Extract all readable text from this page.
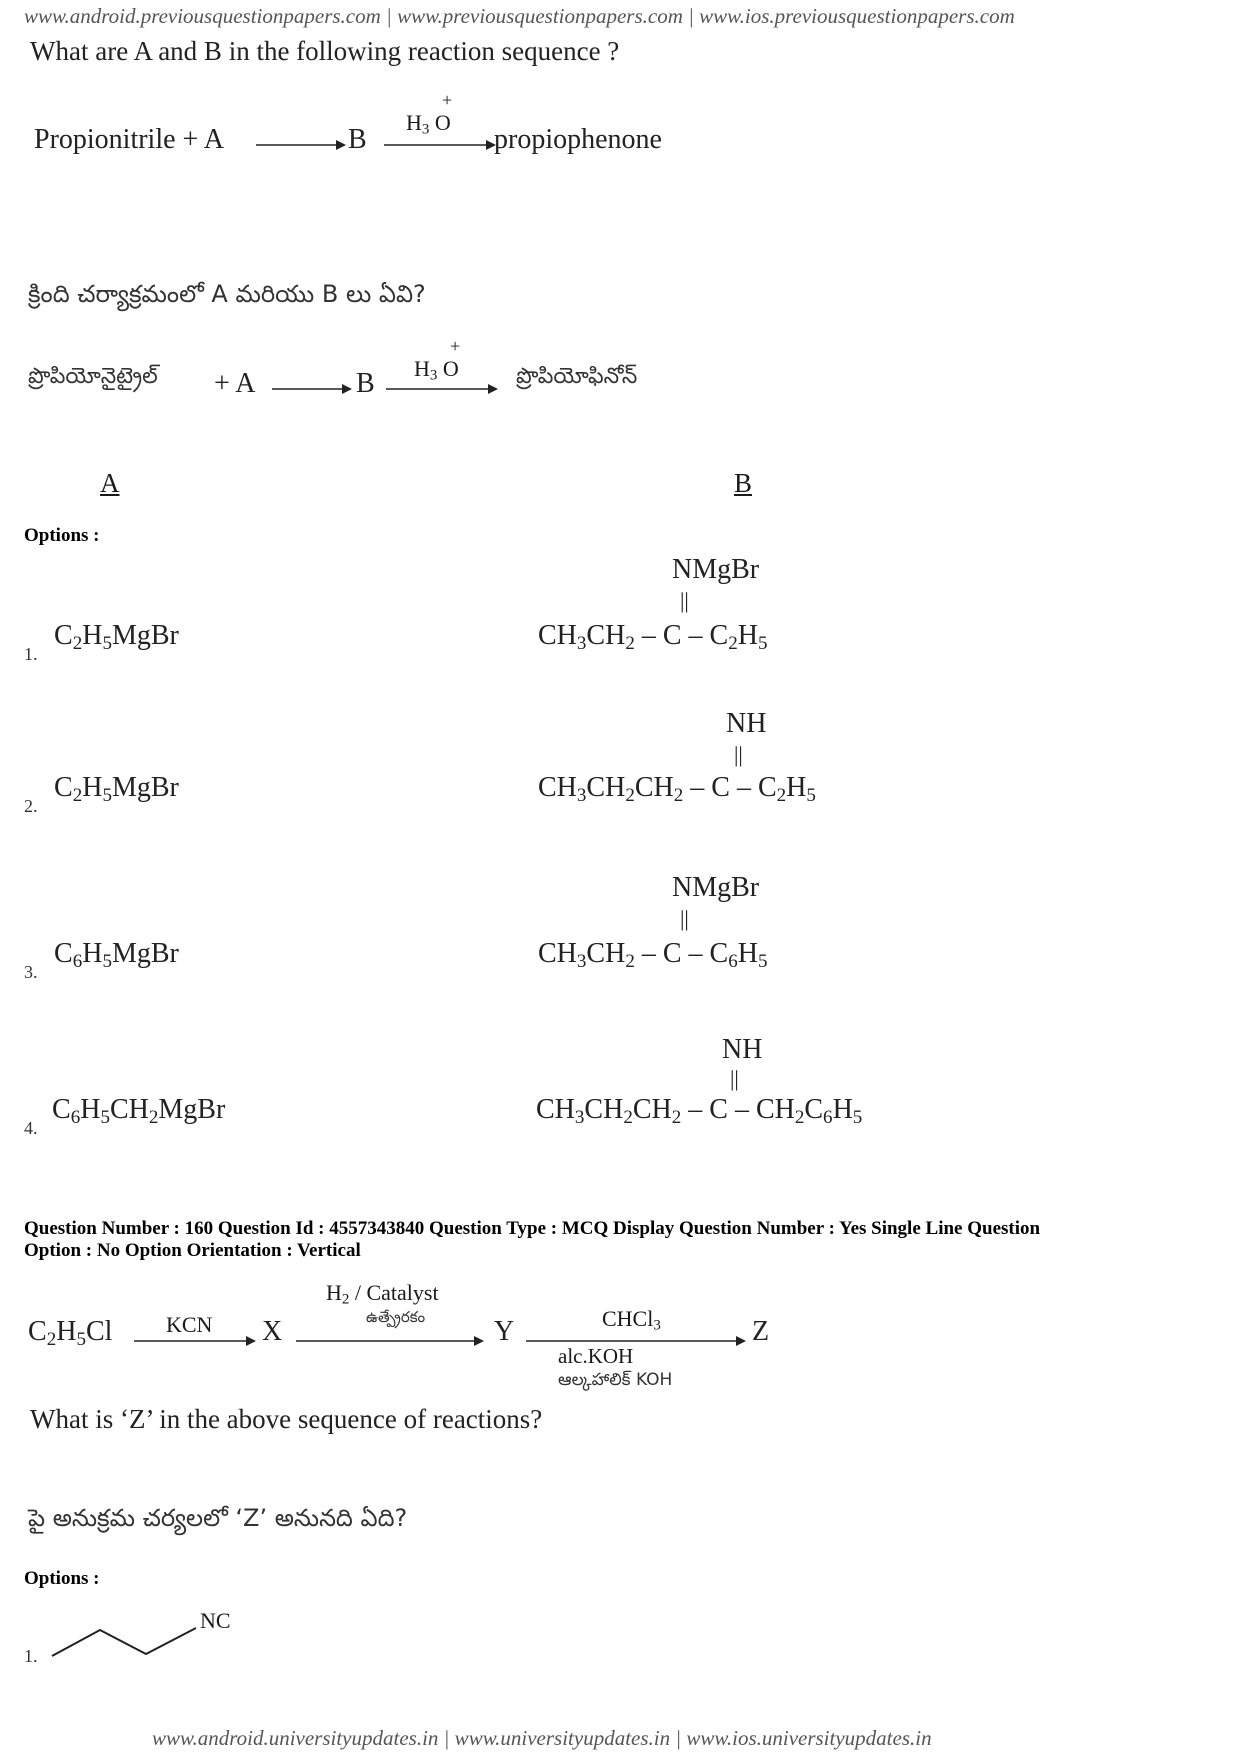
www.android.previousquestionpapers.com | www.previousquestionpapers.com | www.ios.previousquestionpapers.com
What are A and B in the following reaction sequence ?
Propionitrile + A	B
$H_3$ O
+
propiophenone
క్రింది చర్యాక్రమంలో A మరియు B లు ఏవి?
ప్రొపియోనైట్రైల్ + A	B $H_3$ O
+
ప్రొపియోఫినోన్
A	B
Options :
1.
$C_2H_5MgBr$
NMgBr
||
$CH_3CH_2$ – C – $C_2H_5$
2.
$C_2H_5MgBr$
NH
||
$CH_3CH_2CH_2$ – C – $C_2H_5$
3.
$C_6H_5MgBr$
NMgBr
||
$CH_3CH_2$ – C – $C_6H_5$
4.
$C_6H_5CH_2MgBr$
NH
||
$CH_3CH_2CH_2$ – C – $CH_2C_6H_5$
Question Number : 160 Question Id : 4557343840 Question Type : MCQ Display Question Number : Yes Single Line Question
Option : No Option Orientation : Vertical
$C_2H_5Cl$ KCN X
$H_2$ / Catalyst
ఉత్ప్రేరకం Y	CHCl$_3$
alc.KOH
ఆల్కహాలిక్ KOH
Z
What is ‘Z’ in the above sequence of reactions?
పై అనుక్రమ చర్యలలో ‘Z’ అనునది ఏది?
Options :
1.
NC
www.android.universityupdates.in | www.universityupdates.in | www.ios.universityupdates.in
